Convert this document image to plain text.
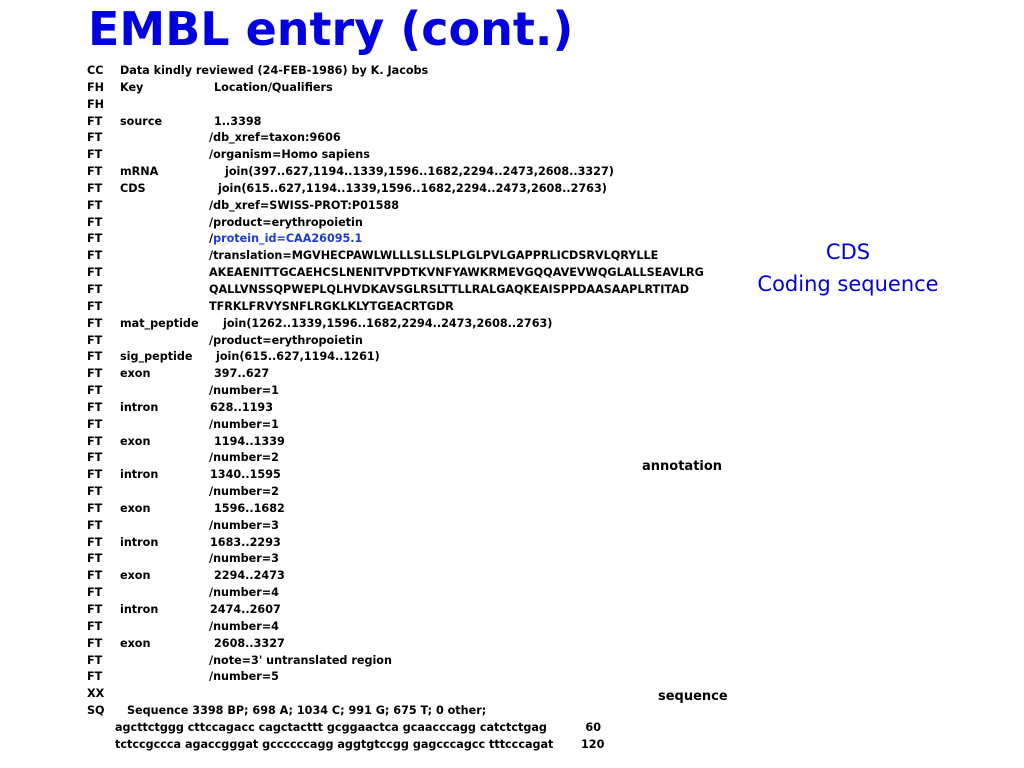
EMBL entry (cont.)
CC Data kindly reviewed (24-FEB-1986) by K. Jacobs
FH Key	Location/Qualifiers
FH
FT source	1..3398
FT	/db_xref=taxon:9606
FT	/organism=Homo sapiens
FT mRNA	join(397..627,1194..1339,1596..1682,2294..2473,2608..3327)
FT CDS	join(615..627,1194..1339,1596..1682,2294..2473,2608..2763)
FT	/db_xref=SWISS-PROT:P01588
FT	/product=erythropoietin
FT	/protein_id=CAA26095.1
FT	/translation=MGVHECPAWLWLLLSLLSLPLGLPVLGAPPRLICDSRVLQRYLLE
FT	AKEAENITTGCAEHCSLNENITVPDTKVNFYAWKRMEVGQQAVEVWQGLALLSEAVLRG
FT	QALLVNSSQPWEPLQLHVDKAVSGLRSLTTLLRALGAQKEAISPPDAASAAPLRTITAD
FT	TFRKLFRVYSNFLRGKLKLYTGEACRTGDR
FT mat_peptide join(1262..1339,1596..1682,2294..2473,2608..2763)
FT	/product=erythropoietin
FT sig_peptide join(615..627,1194..1261)
FT exon	397..627
FT	/number=1
FT intron	628..1193
FT	/number=1
FT exon	1194..1339
FT	/number=2
FT intron	1340..1595
FT	/number=2
FT exon	1596..1682
FT	/number=3
FT intron	1683..2293
FT	/number=3
FT exon	2294..2473
FT	/number=4
FT intron	2474..2607
FT	/number=4
FT exon	2608..3327
FT	/note=3' untranslated region
FT	/number=5
XX
SQ Sequence 3398 BP; 698 A; 1034 C; 991 G; 675 T; 0 other;
agcttctggg cttccagacc cagctacttt gcggaactca gcaacccagg catctctgag	60
tctccgccca agaccgggat gccccccagg aggtgtccgg gagcccagcc tttcccagat 120
CDS
Coding sequence
annotation
sequence
